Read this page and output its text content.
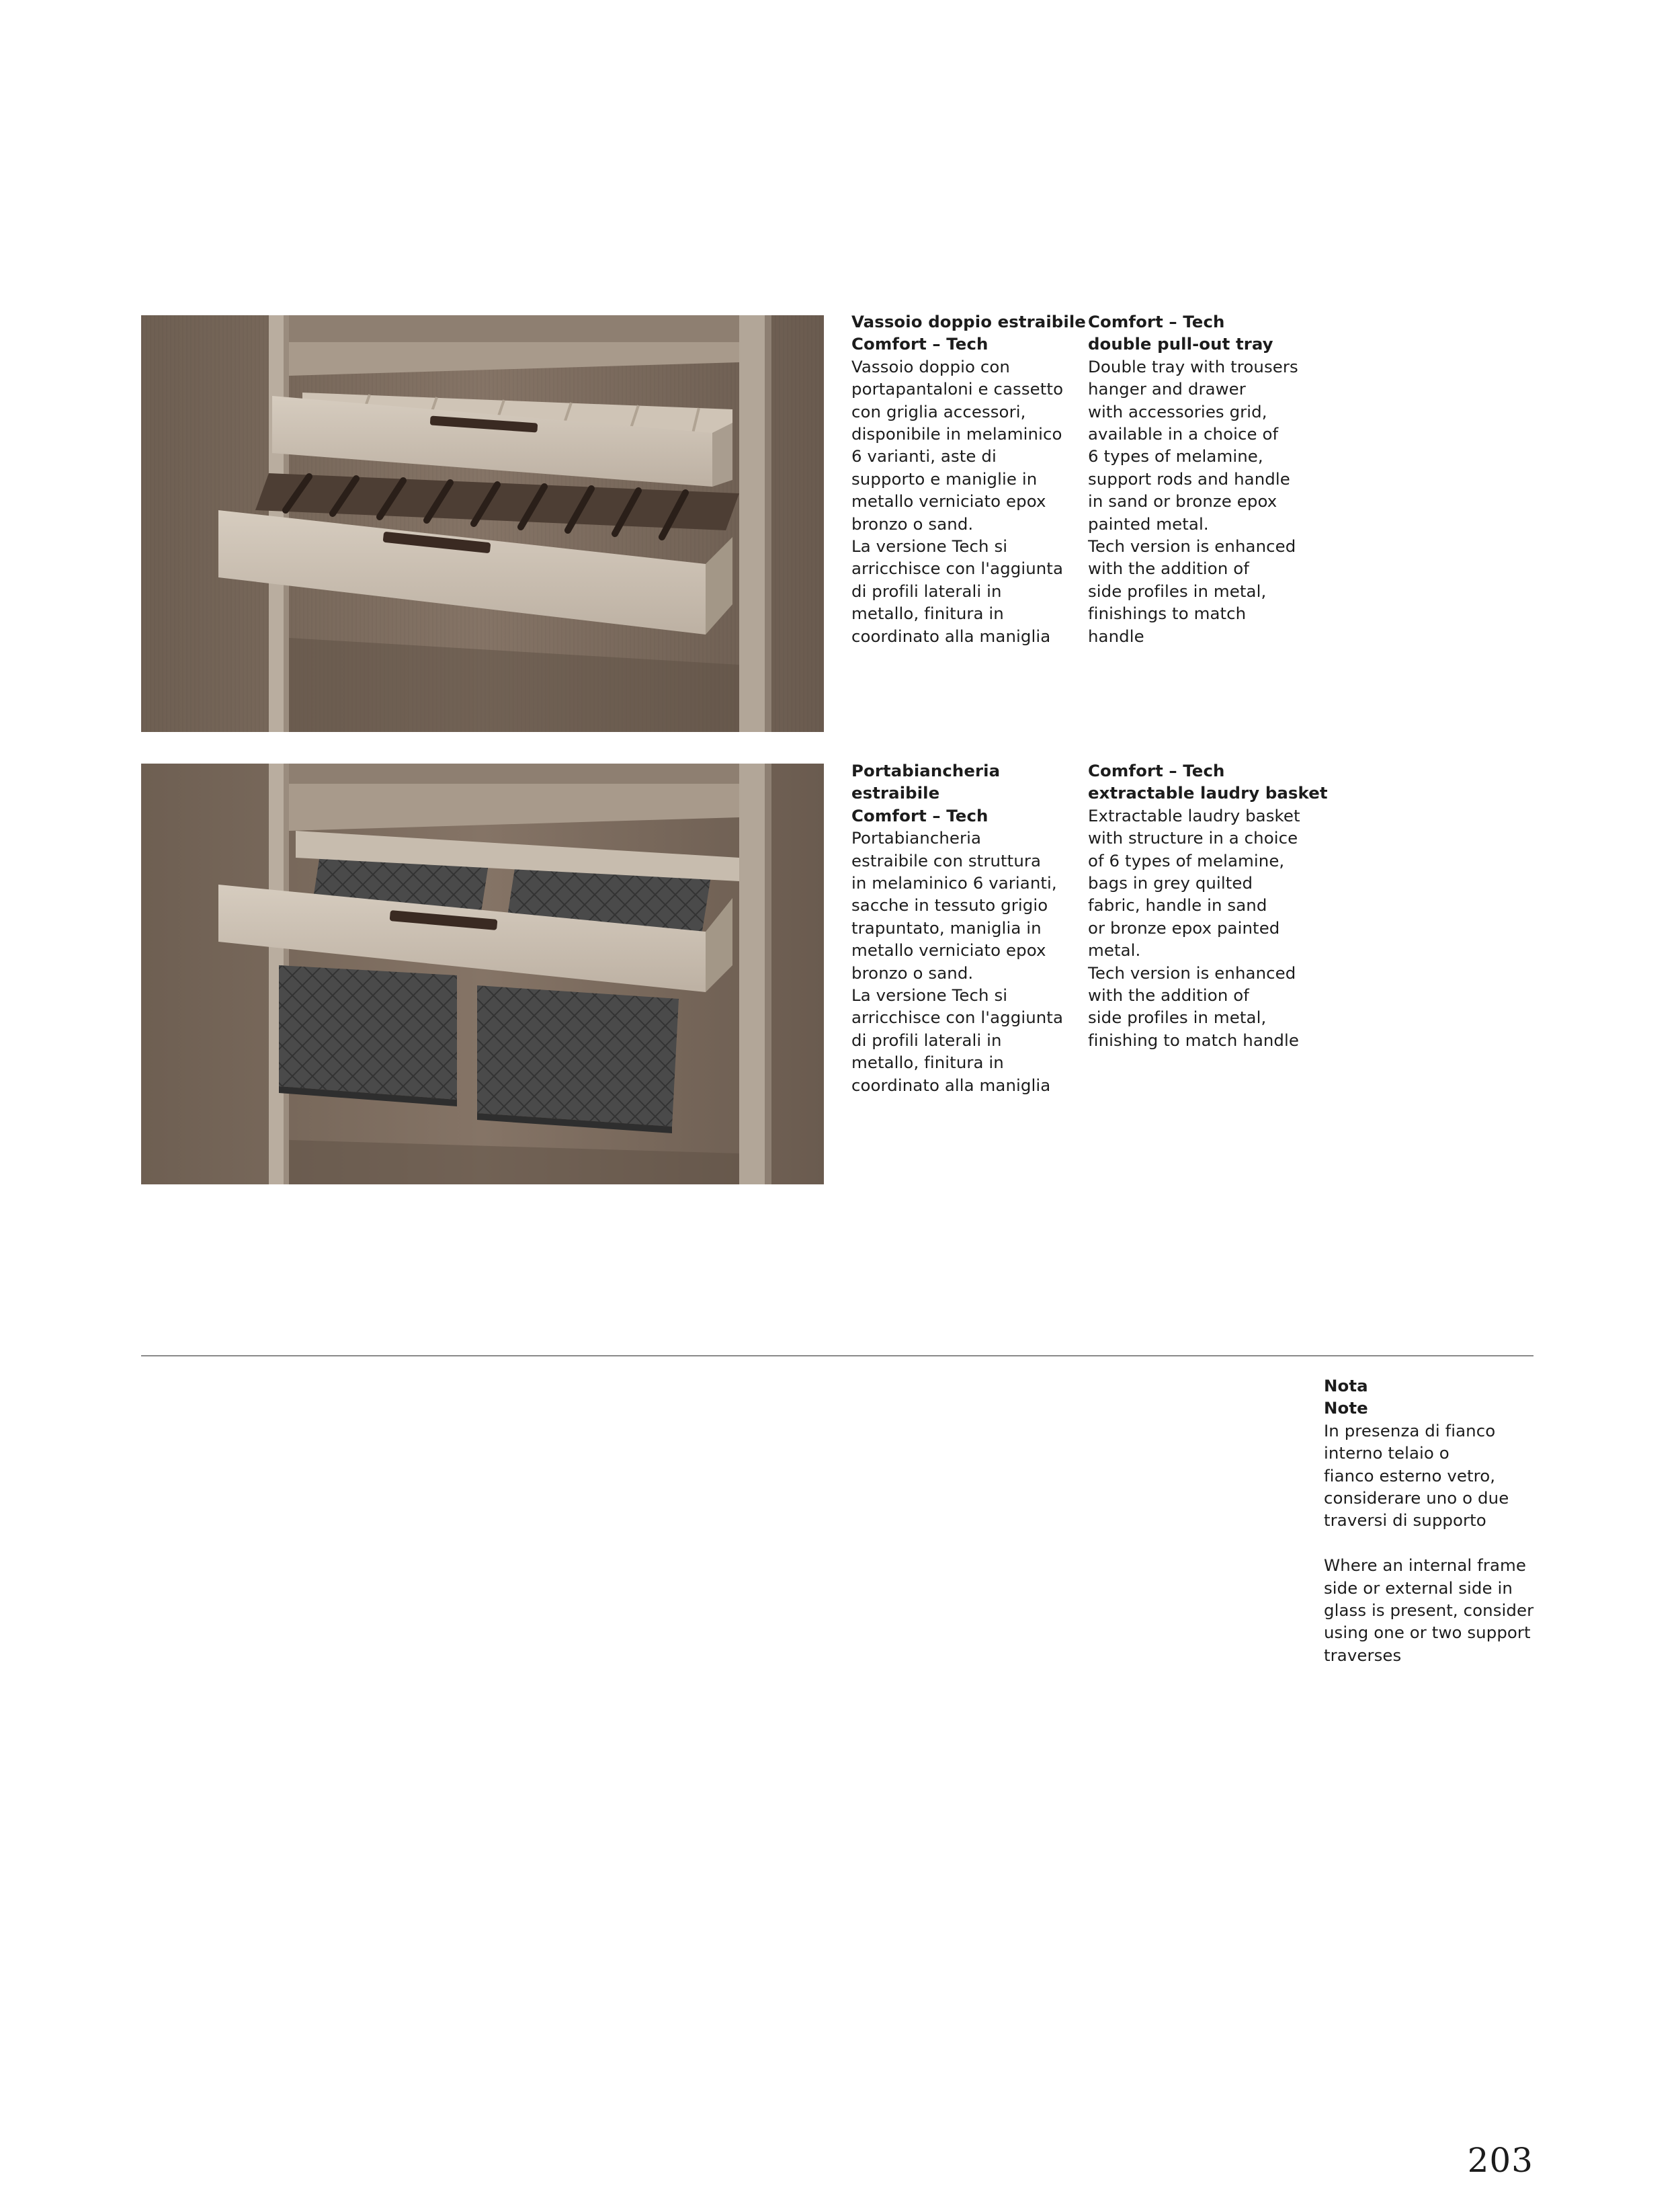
Vassoio doppio estraibile
Comfort – Tech
Vassoio doppio con
portapantaloni e cassetto
con griglia accessori,
disponibile in melaminico
6 varianti, aste di
supporto e maniglie in
metallo verniciato epox
bronzo o sand.
La versione Tech si
arricchisce con l'aggiunta
di profili laterali in
metallo, finitura in
coordinato alla maniglia
Comfort – Tech
double pull-out tray
Double tray with trousers
hanger and drawer
with accessories grid,
available in a choice of
6 types of melamine,
support rods and handle
in sand or bronze epox
painted metal.
Tech version is enhanced
with the addition of
side profiles in metal,
finishings to match
handle
Portabiancheria
estraibile
Comfort – Tech
Portabiancheria
estraibile con struttura
in melaminico 6 varianti,
sacche in tessuto grigio
trapuntato, maniglia in
metallo verniciato epox
bronzo o sand.
La versione Tech si
arricchisce con l'aggiunta
di profili laterali in
metallo, finitura in
coordinato alla maniglia
Comfort – Tech
extractable laudry basket
Extractable laudry basket
with structure in a choice
of 6 types of melamine,
bags in grey quilted
fabric, handle in sand
or bronze epox painted
metal.
Tech version is enhanced
with the addition of
side profiles in metal,
finishing to match handle
Nota
Note
In presenza di fianco
interno telaio o
fianco esterno vetro,
considerare uno o due
traversi di supporto
Where an internal frame
side or external side in
glass is present, consider
using one or two support
traverses
203
